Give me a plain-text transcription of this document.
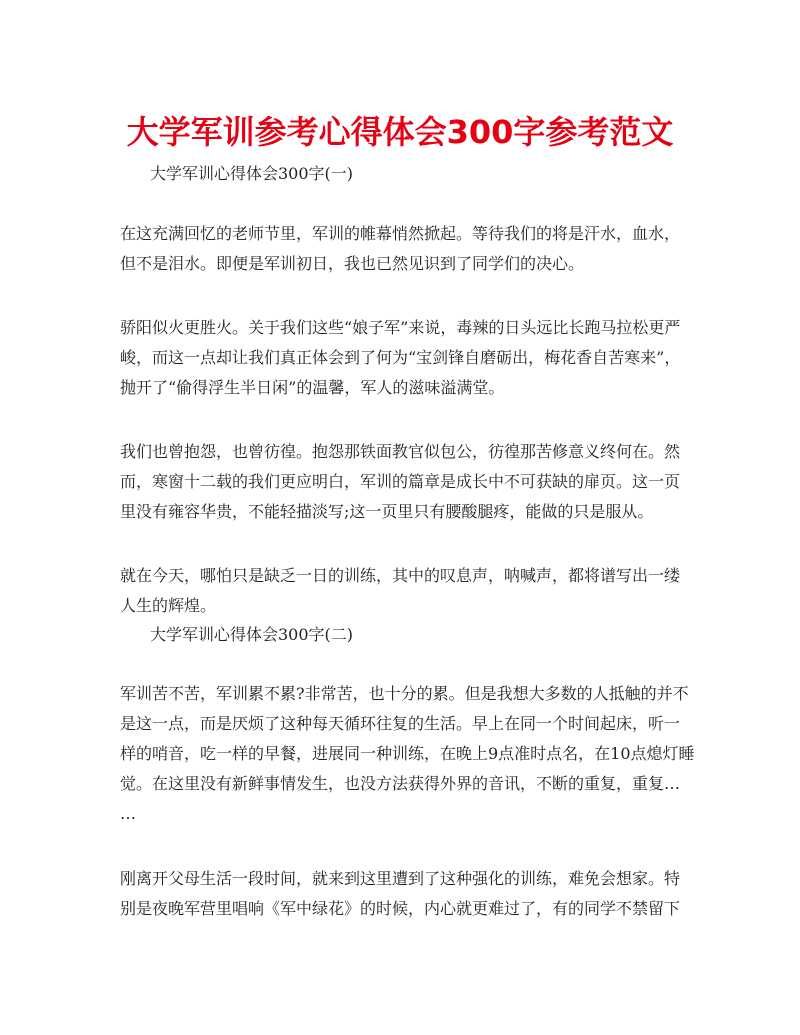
大学军训参考心得体会300字参考范文
大学军训心得体会300字(一)
在这充满回忆的老师节里，军训的帷幕悄然掀起。等待我们的将是汗水，血水，
但不是泪水。即便是军训初日，我也已然见识到了同学们的决心。
骄阳似火更胜火。关于我们这些“娘子军”来说，毒辣的日头远比长跑马拉松更严
峻，而这一点却让我们真正体会到了何为“宝剑锋自磨砺出，梅花香自苦寒来”，
抛开了“偷得浮生半日闲”的温馨，军人的滋味溢满堂。
我们也曾抱怨，也曾彷徨。抱怨那铁面教官似包公，彷徨那苦修意义终何在。然
而，寒窗十二载的我们更应明白，军训的篇章是成长中不可获缺的扉页。这一页
里没有雍容华贵，不能轻描淡写;这一页里只有腰酸腿疼，能做的只是服从。
就在今天，哪怕只是缺乏一日的训练，其中的叹息声，呐喊声，都将谱写出一缕
人生的辉煌。
大学军训心得体会300字(二)
军训苦不苦，军训累不累?非常苦，也十分的累。但是我想大多数的人抵触的并不
是这一点，而是厌烦了这种每天循环往复的生活。早上在同一个时间起床，听一
样的哨音，吃一样的早餐，进展同一种训练，在晚上9点准时点名，在10点熄灯睡
觉。在这里没有新鲜事情发生，也没方法获得外界的音讯，不断的重复，重复…
…
刚离开父母生活一段时间，就来到这里遭到了这种强化的训练，难免会想家。特
别是夜晚军营里唱响《军中绿花》的时候，内心就更难过了，有的同学不禁留下
